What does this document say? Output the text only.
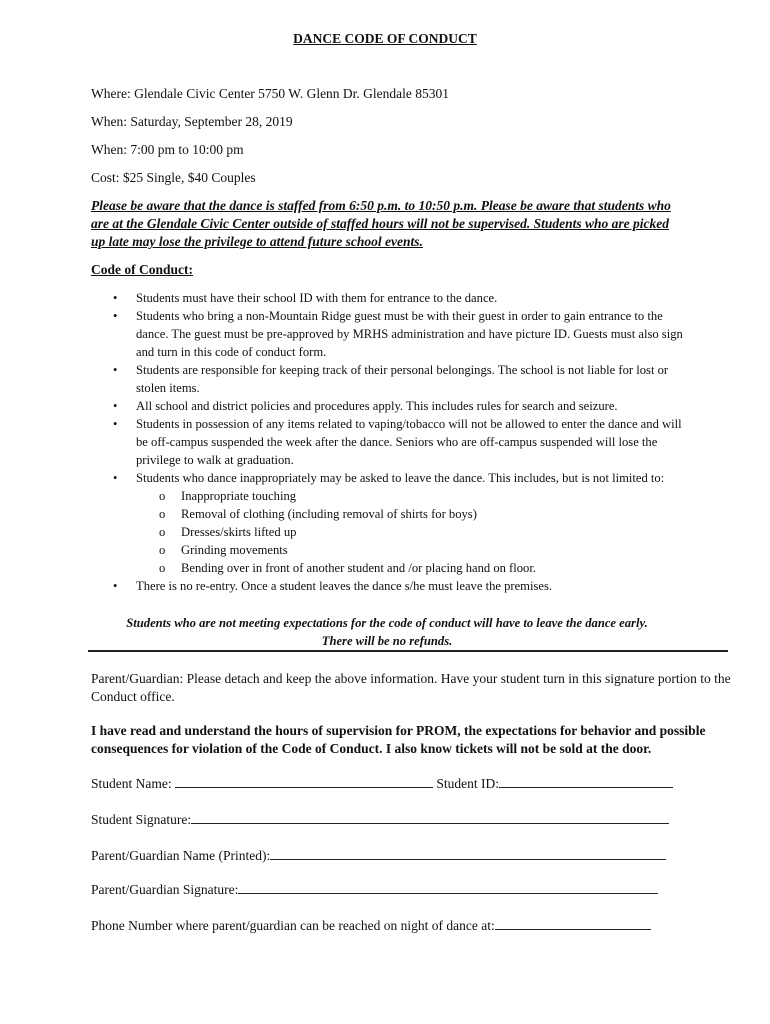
DANCE CODE OF CONDUCT
Where: Glendale Civic Center 5750 W. Glenn Dr. Glendale 85301
When: Saturday, September 28, 2019
When: 7:00 pm to 10:00 pm
Cost: $25 Single, $40 Couples
Please be aware that the dance is staffed from 6:50 p.m. to 10:50 p.m. Please be aware that students who are at the Glendale Civic Center outside of staffed hours will not be supervised. Students who are picked up late may lose the privilege to attend future school events.
Code of Conduct:
• Students must have their school ID with them for entrance to the dance.
• Students who bring a non-Mountain Ridge guest must be with their guest in order to gain entrance to the dance. The guest must be pre-approved by MRHS administration and have picture ID. Guests must also sign and turn in this code of conduct form.
• Students are responsible for keeping track of their personal belongings. The school is not liable for lost or stolen items.
• All school and district policies and procedures apply. This includes rules for search and seizure.
• Students in possession of any items related to vaping/tobacco will not be allowed to enter the dance and will be off-campus suspended the week after the dance. Seniors who are off-campus suspended will lose the privilege to walk at graduation.
• Students who dance inappropriately may be asked to leave the dance. This includes, but is not limited to:
o Inappropriate touching
o Removal of clothing (including removal of shirts for boys)
o Dresses/skirts lifted up
o Grinding movements
o Bending over in front of another student and /or placing hand on floor.
• There is no re-entry. Once a student leaves the dance s/he must leave the premises.
Students who are not meeting expectations for the code of conduct will have to leave the dance early.
There will be no refunds.
Parent/Guardian: Please detach and keep the above information. Have your student turn in this signature portion to the Conduct office.
I have read and understand the hours of supervision for PROM, the expectations for behavior and possible consequences for violation of the Code of Conduct. I also know tickets will not be sold at the door.
Student Name:	Student ID:
Student Signature:
Parent/Guardian Name (Printed):
Parent/Guardian Signature:
Phone Number where parent/guardian can be reached on night of dance at:
